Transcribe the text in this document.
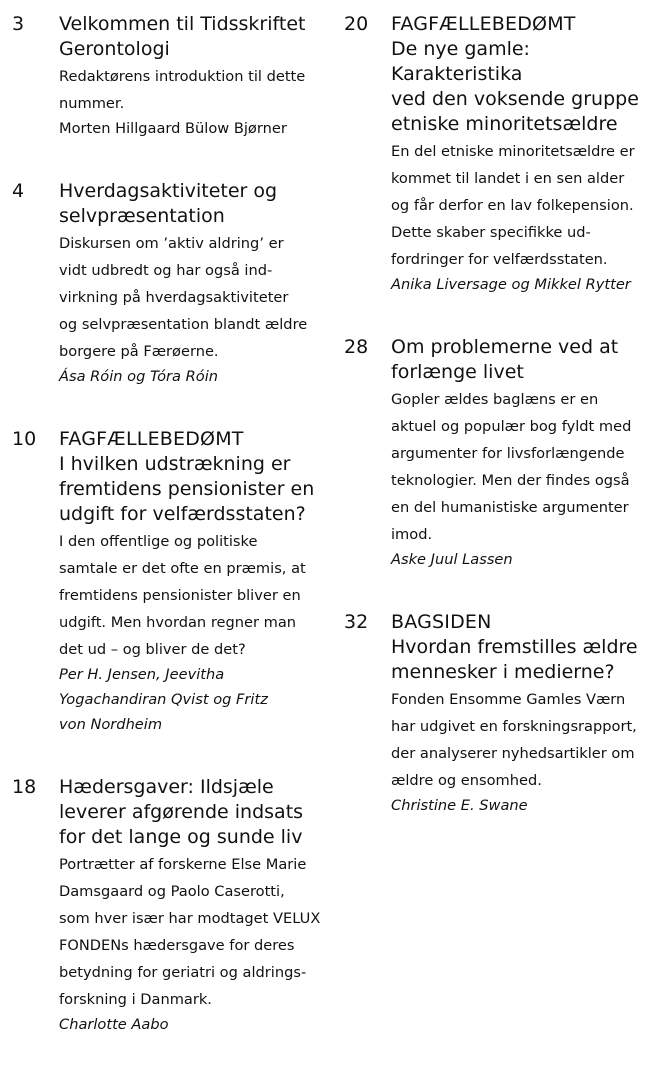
3 Velkommen til Tidsskriftet
Gerontologi
Redaktørens introduktion til dette
nummer.
Morten Hillgaard Bülow Bjørner
4 Hverdagsaktiviteter og
selvpræsentation
Diskursen om ’aktiv aldring’ er
vidt udbredt og har også ind-
virkning på hverdagsaktiviteter
og selvpræsentation blandt ældre
borgere på Færøerne.
Ása Róin og Tóra Róin
10 FAGFÆLLEBEDØMT
I hvilken udstrækning er
fremtidens pensionister en
udgift for velfærdsstaten?
I den offentlige og politiske
samtale er det ofte en præmis, at
fremtidens pensionister bliver en
udgift. Men hvordan regner man
det ud – og bliver de det?
Per H. Jensen, Jeevitha
Yogachandiran Qvist og Fritz
von Nordheim
18 Hædersgaver: Ildsjæle
leverer afgørende indsats
for det lange og sunde liv
Portrætter af forskerne Else Marie
Damsgaard og Paolo Caserotti,
som hver især har modtaget VELUX
FONDENs hædersgave for deres
betydning for geriatri og aldrings-
forskning i Danmark.
Charlotte Aabo
20 FAGFÆLLEBEDØMT
De nye gamle: Karakteristika
ved den voksende gruppe
etniske minoritetsældre
En del etniske minoritetsældre er
kommet til landet i en sen alder
og får derfor en lav folkepension.
Dette skaber specifikke ud-
fordringer for velfærdsstaten.
Anika Liversage og Mikkel Rytter
28 Om problemerne ved at
forlænge livet
Gopler ældes baglæns er en
aktuel og populær bog fyldt med
argumenter for livsforlængende
teknologier. Men der findes også
en del humanistiske argumenter
imod.
Aske Juul Lassen
32 BAGSIDEN
Hvordan fremstilles ældre
mennesker i medierne?
Fonden Ensomme Gamles Værn
har udgivet en forskningsrapport,
der analyserer nyhedsartikler om
ældre og ensomhed.
Christine E. Swane
